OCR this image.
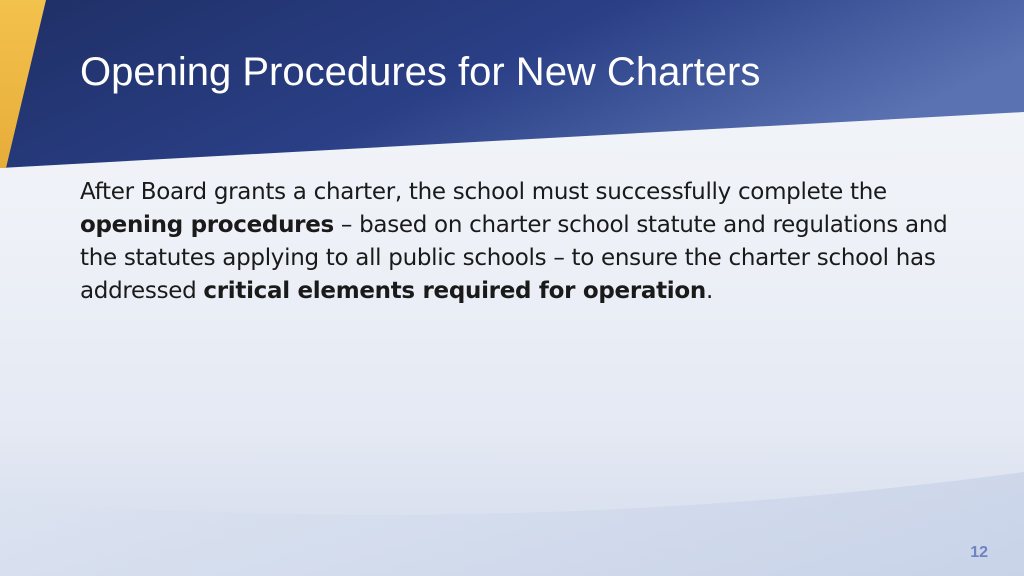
Opening Procedures for New Charters

After Board grants a charter, the school must successfully complete the opening procedures – based on charter school statute and regulations and the statutes applying to all public schools – to ensure the charter school has addressed critical elements required for operation.

12
